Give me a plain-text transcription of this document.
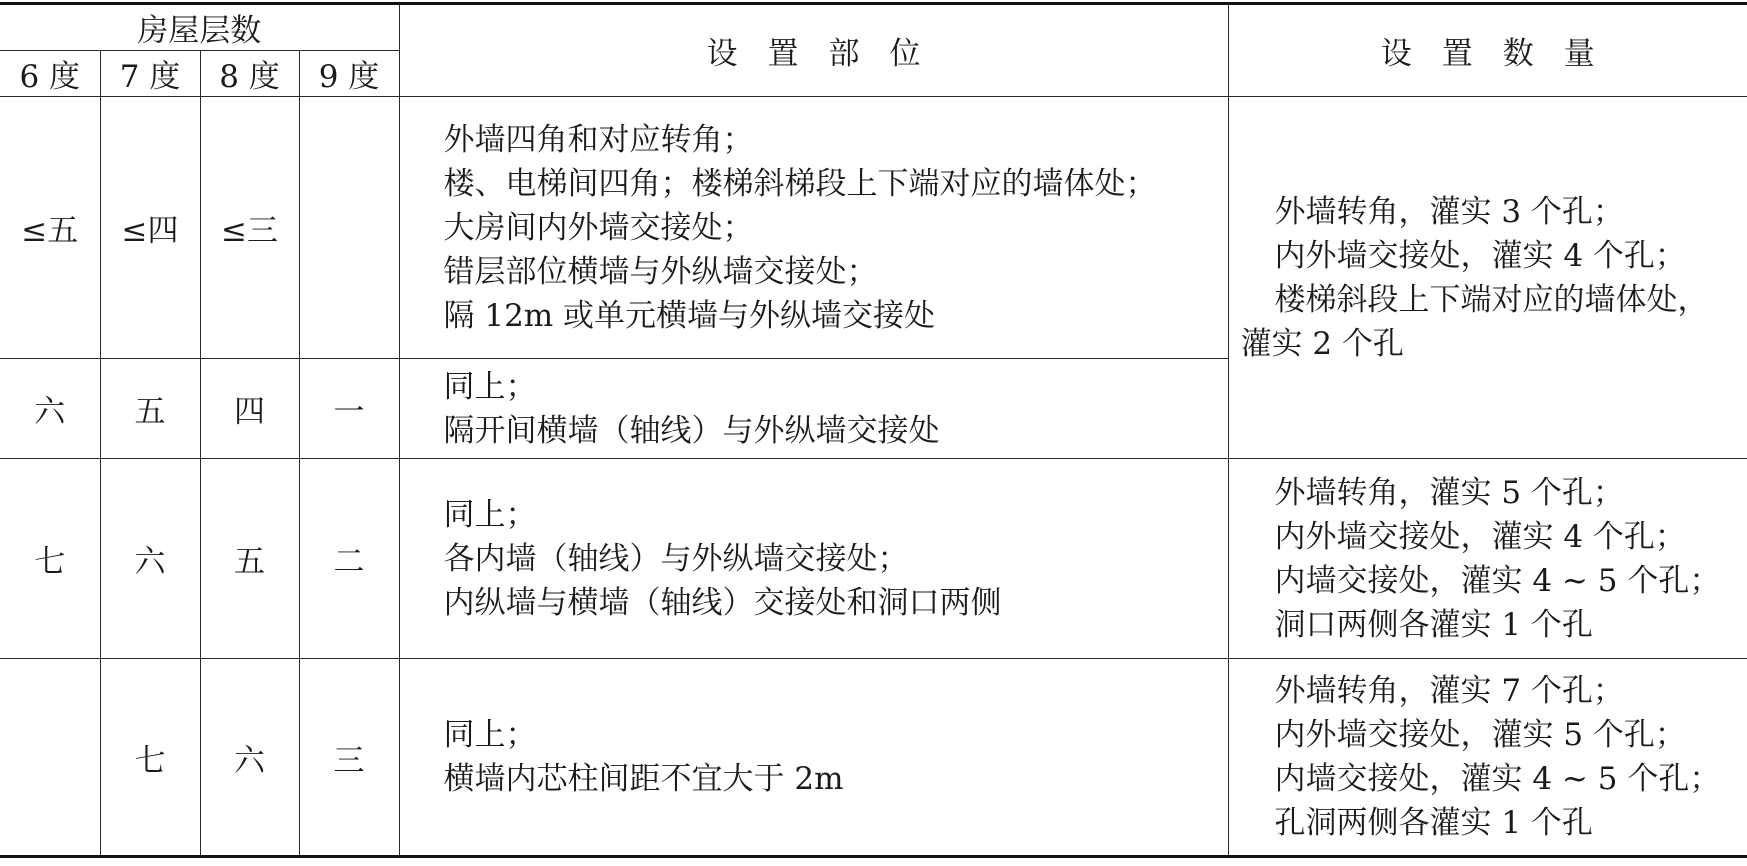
房屋层数				设置部位	设置数量
6 度	7 度	8 度	9 度		
≤五	≤四	≤三		外墙四角和对应转角；
楼、电梯间四角；楼梯斜梯段上下端对应的墙体处；
大房间内外墙交接处；
错层部位横墙与外纵墙交接处；
隔 12m 或单元横墙与外纵墙交接处	外墙转角，灌实 3 个孔；
内外墙交接处，灌实 4 个孔；
楼梯斜段上下端对应的墙体处，
灌实 2 个孔

六	五	四	一	同上；
隔开间横墙（轴线）与外纵墙交接处	

七	六	五	二	同上；
各内墙（轴线）与外纵墙交接处；
内纵墙与横墙（轴线）交接处和洞口两侧	外墙转角，灌实 5 个孔；
内外墙交接处，灌实 4 个孔；
内墙交接处，灌实 4 ~ 5 个孔；
洞口两侧各灌实 1 个孔

	七	六	三	同上；
横墙内芯柱间距不宜大于 2m	外墙转角，灌实 7 个孔；
内外墙交接处，灌实 5 个孔；
内墙交接处，灌实 4 ~ 5 个孔；
孔洞两侧各灌实 1 个孔
